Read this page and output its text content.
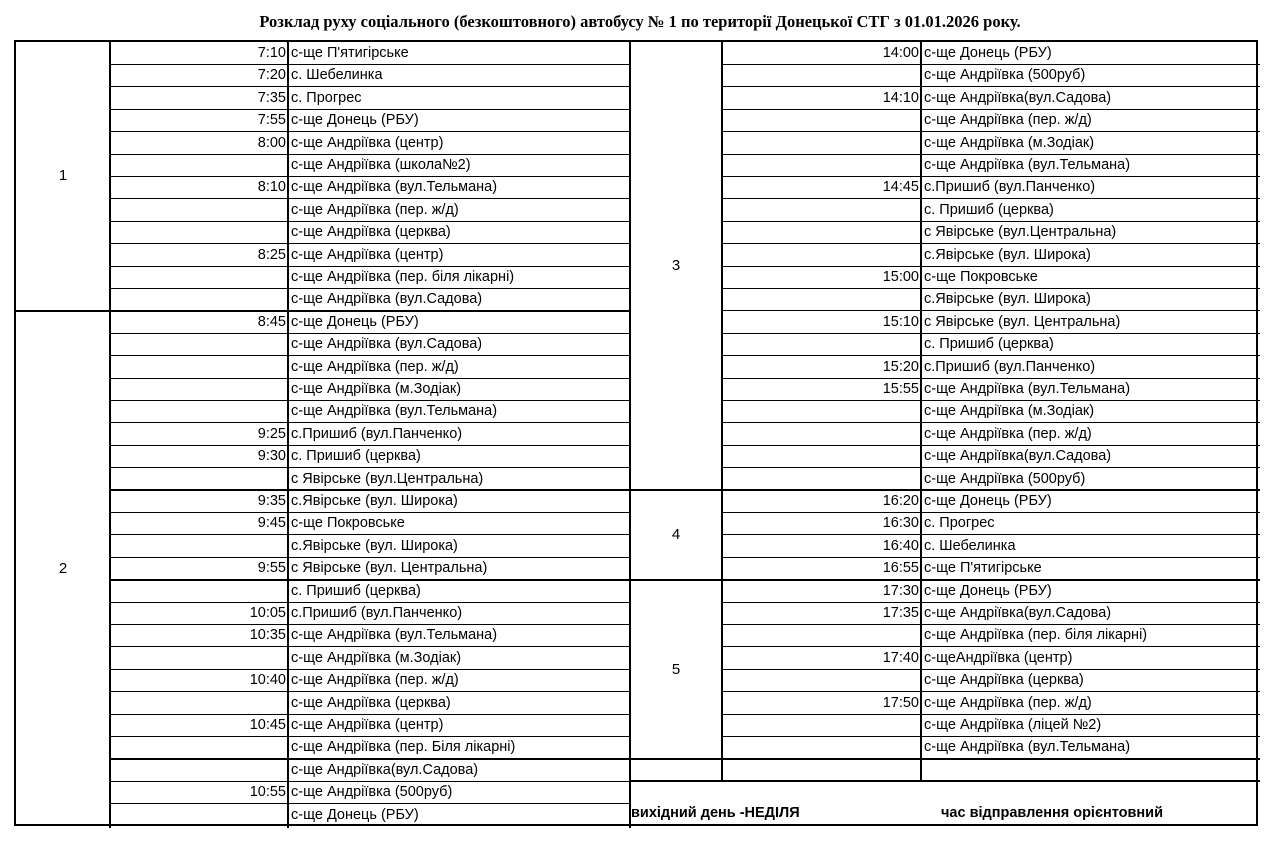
Розклад руху соціального (безкоштовного) автобусу № 1 по території Донецької СТГ з 01.01.2026 року.
7:10 с-ще П'ятигірське
7:20 с. Шебелинка
7:35 с. Прогрес
7:55 с-ще Донець (РБУ)
8:00 с-ще Андріївка (центр)
с-ще Андріївка (школа№2)
8:10 с-ще Андріївка (вул.Тельмана)
с-ще Андріївка (пер. ж/д)
с-ще Андріївка (церква)
8:25 с-ще Андріївка (центр)
с-ще Андріївка (пер. біля лікарні)
с-ще Андріївка (вул.Садова)
8:45 с-ще Донець (РБУ)
с-ще Андріївка (вул.Садова)
с-ще Андріївка (пер. ж/д)
с-ще Андріївка (м.Зодіак)
с-ще Андріївка (вул.Тельмана)
9:25 с.Пришиб (вул.Панченко)
9:30 с. Пришиб (церква)
с Явірське (вул.Центральна)
9:35 с.Явірське (вул. Широка)
9:45 с-ще Покровське
с.Явірське (вул. Широка)
9:55 с Явірське (вул. Центральна)
с. Пришиб (церква)
10:05 с.Пришиб (вул.Панченко)
10:35 с-ще Андріївка (вул.Тельмана)
с-ще Андріївка (м.Зодіак)
10:40 с-ще Андріївка (пер. ж/д)
с-ще Андріївка (церква)
10:45 с-ще Андріївка (центр)
с-ще Андріївка (пер. Біля лікарні)
с-ще Андріївка(вул.Садова)
10:55 с-ще Андріївка (500руб)
с-ще Донець (РБУ)
1
2
14:00 с-ще Донець (РБУ)
с-ще Андріївка (500руб)
14:10 с-ще Андріївка(вул.Садова)
с-ще Андріївка (пер. ж/д)
с-ще Андріївка (м.Зодіак)
с-ще Андріївка (вул.Тельмана)
14:45 с.Пришиб (вул.Панченко)
с. Пришиб (церква)
с Явірське (вул.Центральна)
с.Явірське (вул. Широка)
15:00 с-ще Покровське
с.Явірське (вул. Широка)
15:10 с Явірське (вул. Центральна)
с. Пришиб (церква)
15:20 с.Пришиб (вул.Панченко)
15:55 с-ще Андріївка (вул.Тельмана)
с-ще Андріївка (м.Зодіак)
с-ще Андріївка (пер. ж/д)
с-ще Андріївка(вул.Садова)
с-ще Андріївка (500руб)
16:20 с-ще Донець (РБУ)
16:30 с. Прогрес
16:40 с. Шебелинка
16:55 с-ще П'ятигірське
17:30 с-ще Донець (РБУ)
17:35 с-ще Андріївка(вул.Садова)
с-ще Андріївка (пер. біля лікарні)
17:40 с-щеАндріївка (центр)
с-ще Андріївка (церква)
17:50 с-ще Андріївка (пер. ж/д)
с-ще Андріївка (ліцей №2)
с-ще Андріївка (вул.Тельмана)
3
4
5
вихідний день -НЕДІЛЯ	час відправлення орієнтовний
